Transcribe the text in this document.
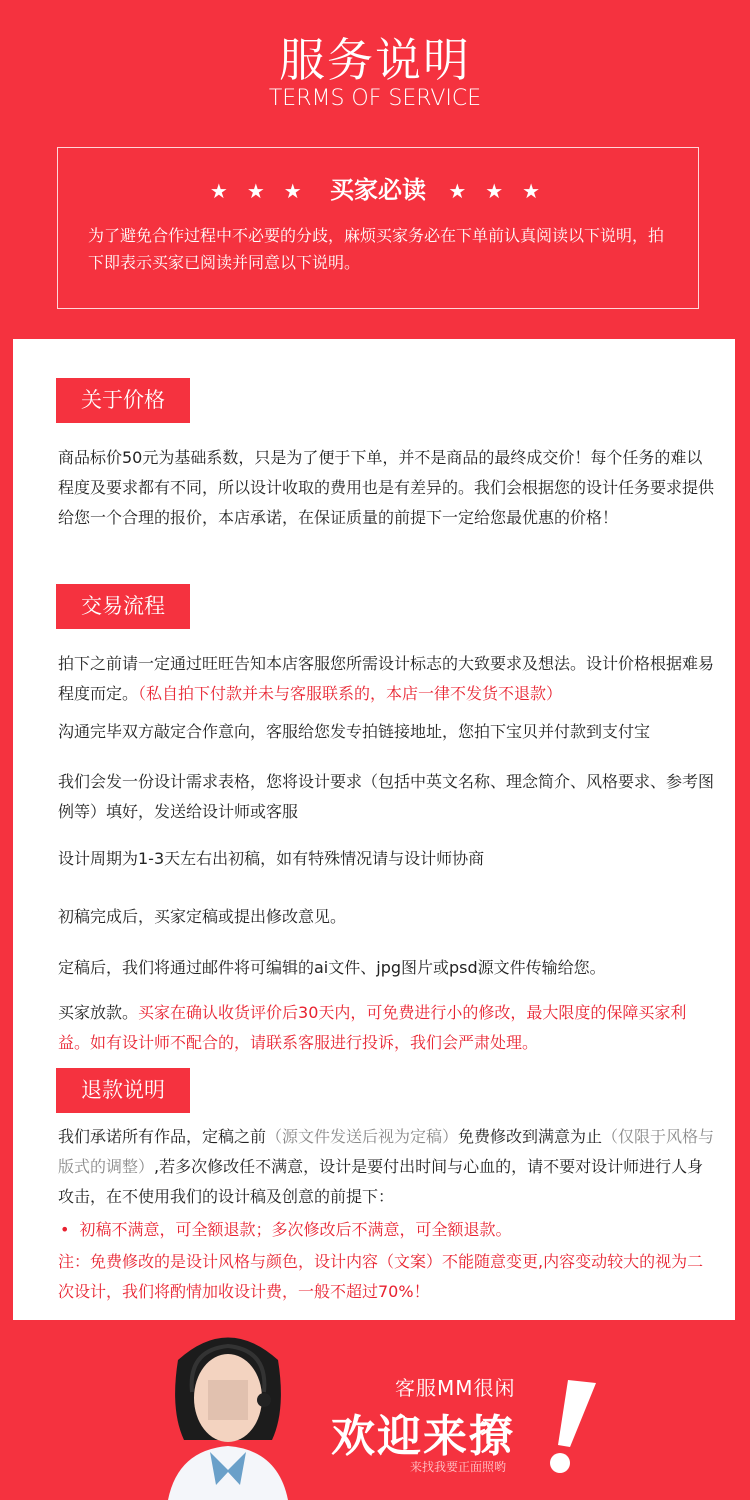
服务说明
TERMS OF SERVICE
★ ★ ★ 买家必读 ★ ★ ★
为了避免合作过程中不必要的分歧，麻烦买家务必在下单前认真阅读以下说明，拍下即表示买家已阅读并同意以下说明。
关于价格
商品标价50元为基础系数，只是为了便于下单，并不是商品的最终成交价！每个任务的难以程度及要求都有不同，所以设计收取的费用也是有差异的。我们会根据您的设计任务要求提供给您一个合理的报价，本店承诺，在保证质量的前提下一定给您最优惠的价格！
交易流程
拍下之前请一定通过旺旺告知本店客服您所需设计标志的大致要求及想法。设计价格根据难易程度而定。（私自拍下付款并未与客服联系的，本店一律不发货不退款）
沟通完毕双方敲定合作意向，客服给您发专拍链接地址，您拍下宝贝并付款到支付宝
我们会发一份设计需求表格，您将设计要求（包括中英文名称、理念简介、风格要求、参考图例等）填好，发送给设计师或客服
设计周期为1-3天左右出初稿，如有特殊情况请与设计师协商
初稿完成后，买家定稿或提出修改意见。
定稿后，我们将通过邮件将可编辑的ai文件、jpg图片或psd源文件传输给您。
买家放款。买家在确认收货评价后30天内，可免费进行小的修改，最大限度的保障买家利益。如有设计师不配合的，请联系客服进行投诉，我们会严肃处理。
退款说明
我们承诺所有作品，定稿之前（源文件发送后视为定稿）免费修改到满意为止（仅限于风格与版式的调整）,若多次修改任不满意，设计是要付出时间与心血的，请不要对设计师进行人身攻击，在不使用我们的设计稿及创意的前提下：
• 初稿不满意，可全额退款；多次修改后不满意，可全额退款。
注：免费修改的是设计风格与颜色，设计内容（文案）不能随意变更,内容变动较大的视为二次设计，我们将酌情加收设计费，一般不超过70%！
客服MM很闲
欢迎来撩
来找我要正面照哟
